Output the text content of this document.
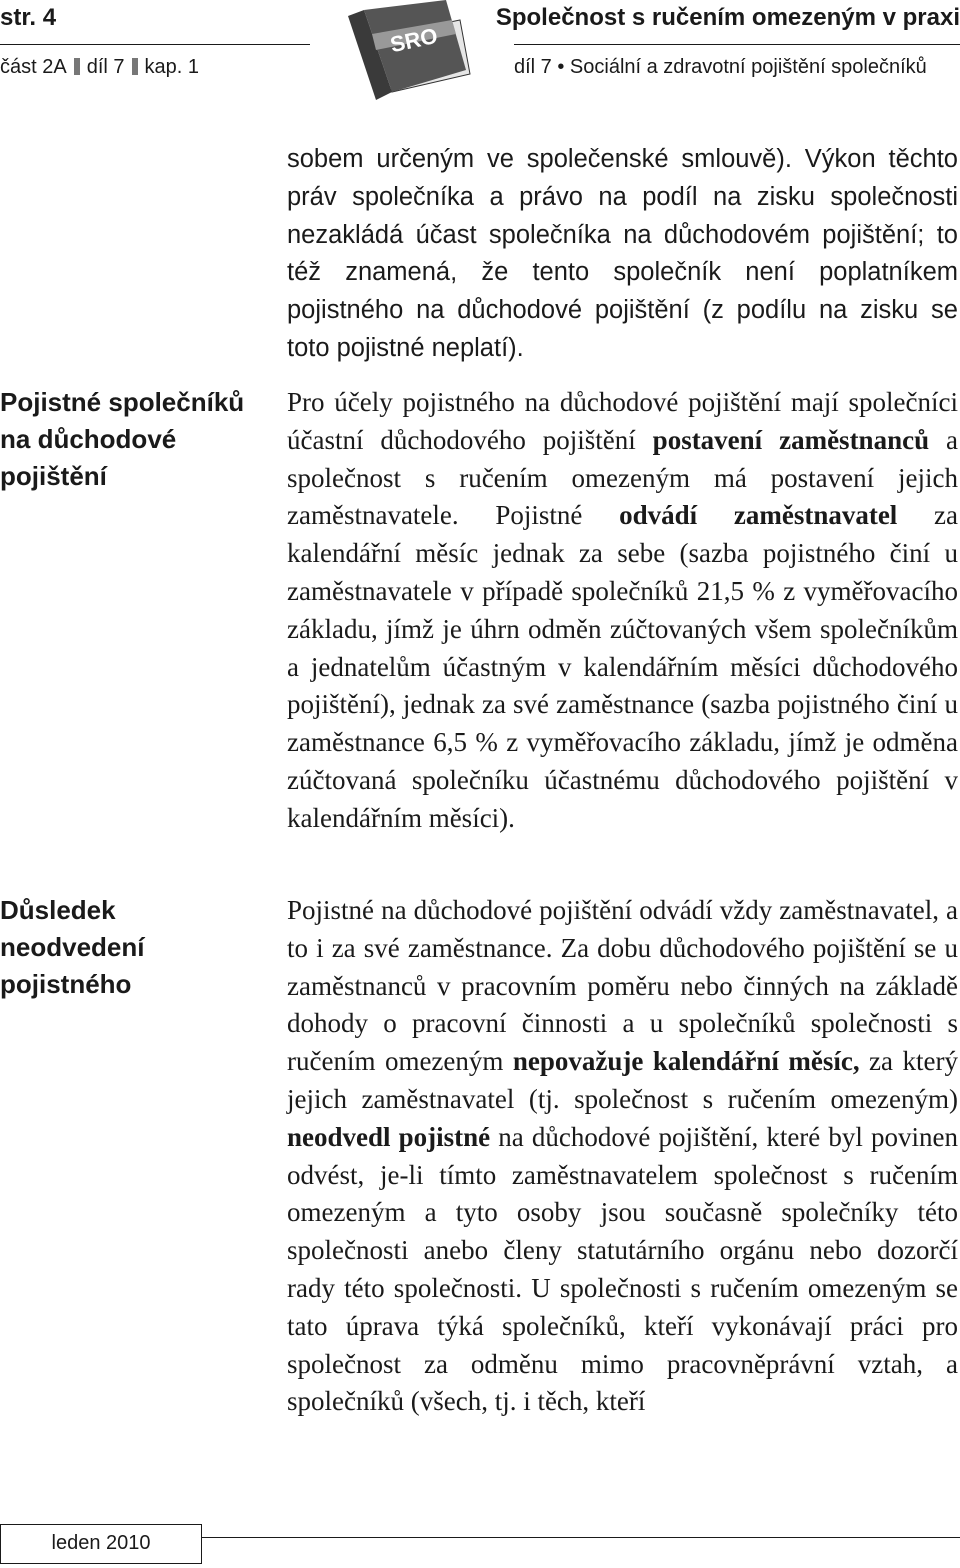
str. 4
část 2A díl 7 kap. 1
SRO
Společnost s ručením omezeným v praxi
díl 7 • Sociální a zdravotní pojištění společníků
Pojistné společníků na důchodové pojištění
Důsledek neodvedení pojistného

sobem určeným ve společenské smlouvě). Výkon těchto práv společníka a právo na podíl na zisku společnosti nezakládá účast společníka na důchodovém pojištění; to též znamená, že tento společník není poplatníkem pojistného na důchodové pojištění (z podílu na zisku se toto pojistné neplatí).

Pro účely pojistného na důchodové pojištění mají společníci účastní důchodového pojištění postavení zaměstnanců a společnost s ručením omezeným má postavení jejich zaměstnavatele. Pojistné odvádí zaměstnavatel za kalendářní měsíc jednak za sebe (sazba pojistného činí u zaměstnavatele v případě společníků 21,5 % z vyměřovacího základu, jímž je úhrn odměn zúčtovaných všem společníkům a jednatelům účastným v kalendářním měsíci důchodového pojištění), jednak za své zaměstnance (sazba pojistného činí u zaměstnance 6,5 % z vyměřovacího základu, jímž je odměna zúčtovaná společníku účastnému důchodového pojištění v kalendářním měsíci).

Pojistné na důchodové pojištění odvádí vždy zaměstnavatel, a to i za své zaměstnance. Za dobu důchodového pojištění se u zaměstnanců v pracovním poměru nebo činných na základě dohody o pracovní činnosti a u společníků společnosti s ručením omezeným nepovažuje kalendářní měsíc, za který jejich zaměstnavatel (tj. společnost s ručením omezeným) neodvedl pojistné na důchodové pojištění, které byl povinen odvést, je-li tímto zaměstnavatelem společnost s ručením omezeným a tyto osoby jsou současně společníky této společnosti anebo členy statutárního orgánu nebo dozorčí rady této společnosti. U společnosti s ručením omezeným se tato úprava týká společníků, kteří vykonávají práci pro společnost za odměnu mimo pracovněprávní vztah, a společníků (všech, tj. i těch, kteří

leden 2010
